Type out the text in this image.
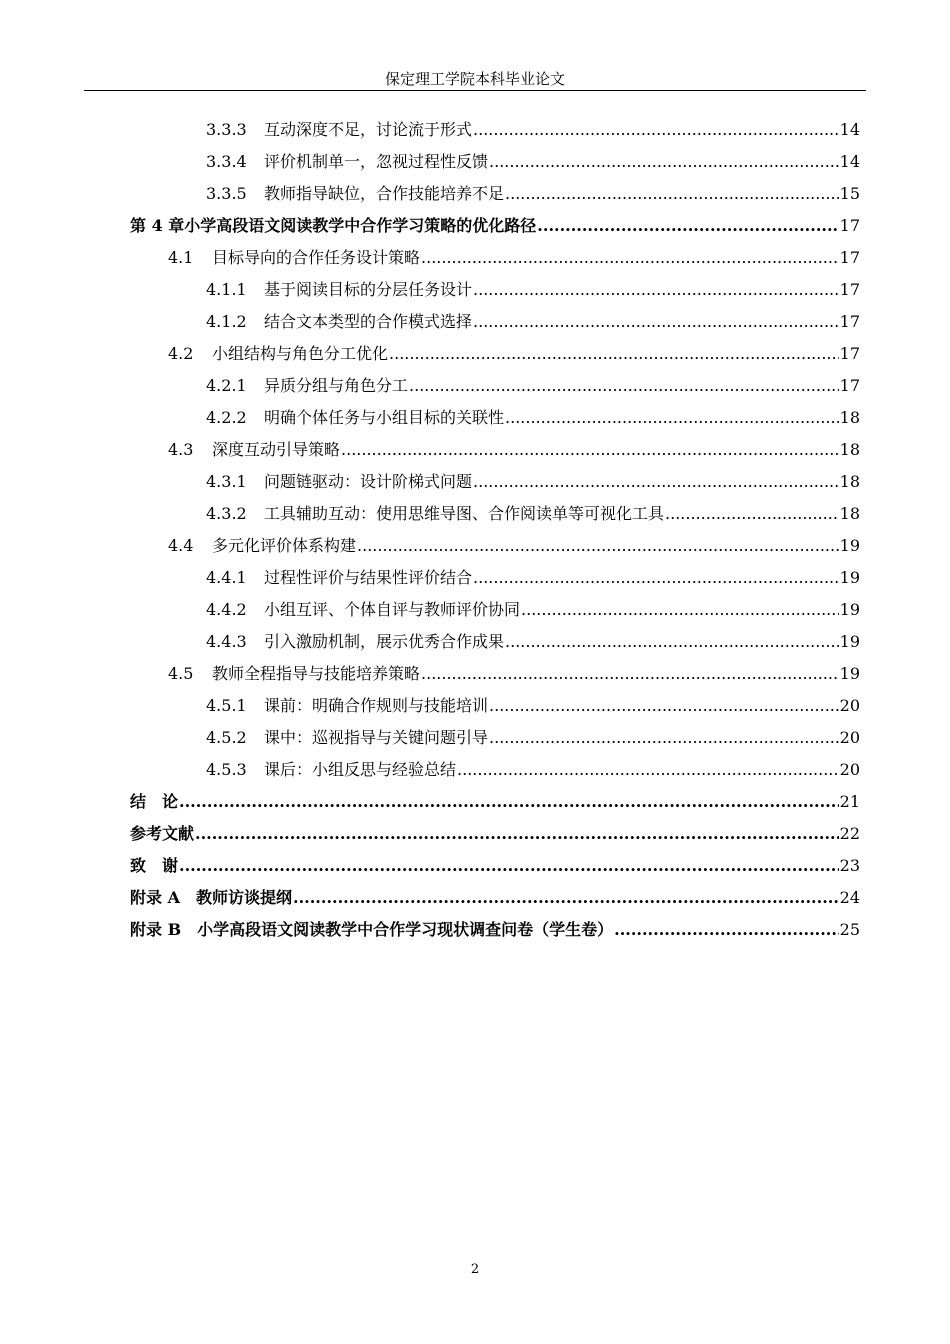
保定理工学院本科毕业论文
3.3.3	互动深度不足，讨论流于形式 .....	14
3.3.4	评价机制单一，忽视过程性反馈 .....	14
3.3.5	教师指导缺位，合作技能培养不足 .....	15
第 4 章 小学高段语文阅读教学中合作学习策略的优化路径 .....	17
4.1	目标导向的合作任务设计策略 .....	17
4.1.1	基于阅读目标的分层任务设计 .....	17
4.1.2	结合文本类型的合作模式选择 .....	17
4.2	小组结构与角色分工优化 .....	17
4.2.1	异质分组与角色分工 .....	17
4.2.2	明确个体任务与小组目标的关联性 .....	18
4.3	深度互动引导策略 .....	18
4.3.1	问题链驱动：设计阶梯式问题 .....	18
4.3.2	工具辅助互动：使用思维导图、合作阅读单等可视化工具 .....	18
4.4	多元化评价体系构建 .....	19
4.4.1	过程性评价与结果性评价结合 .....	19
4.4.2	小组互评、个体自评与教师评价协同 .....	19
4.4.3	引入激励机制，展示优秀合作成果 .....	19
4.5	教师全程指导与技能培养策略 .....	19
4.5.1	课前：明确合作规则与技能培训 .....	20
4.5.2	课中：巡视指导与关键问题引导 .....	20
4.5.3	课后：小组反思与经验总结 .....	20
结　论 .....	21
参考文献 .....	22
致　谢 .....	23
附录 A　 教师访谈提纲 .....	24
附录 B　 小学高段语文阅读教学中合作学习现状调查问卷（学生卷） .....	25
2
